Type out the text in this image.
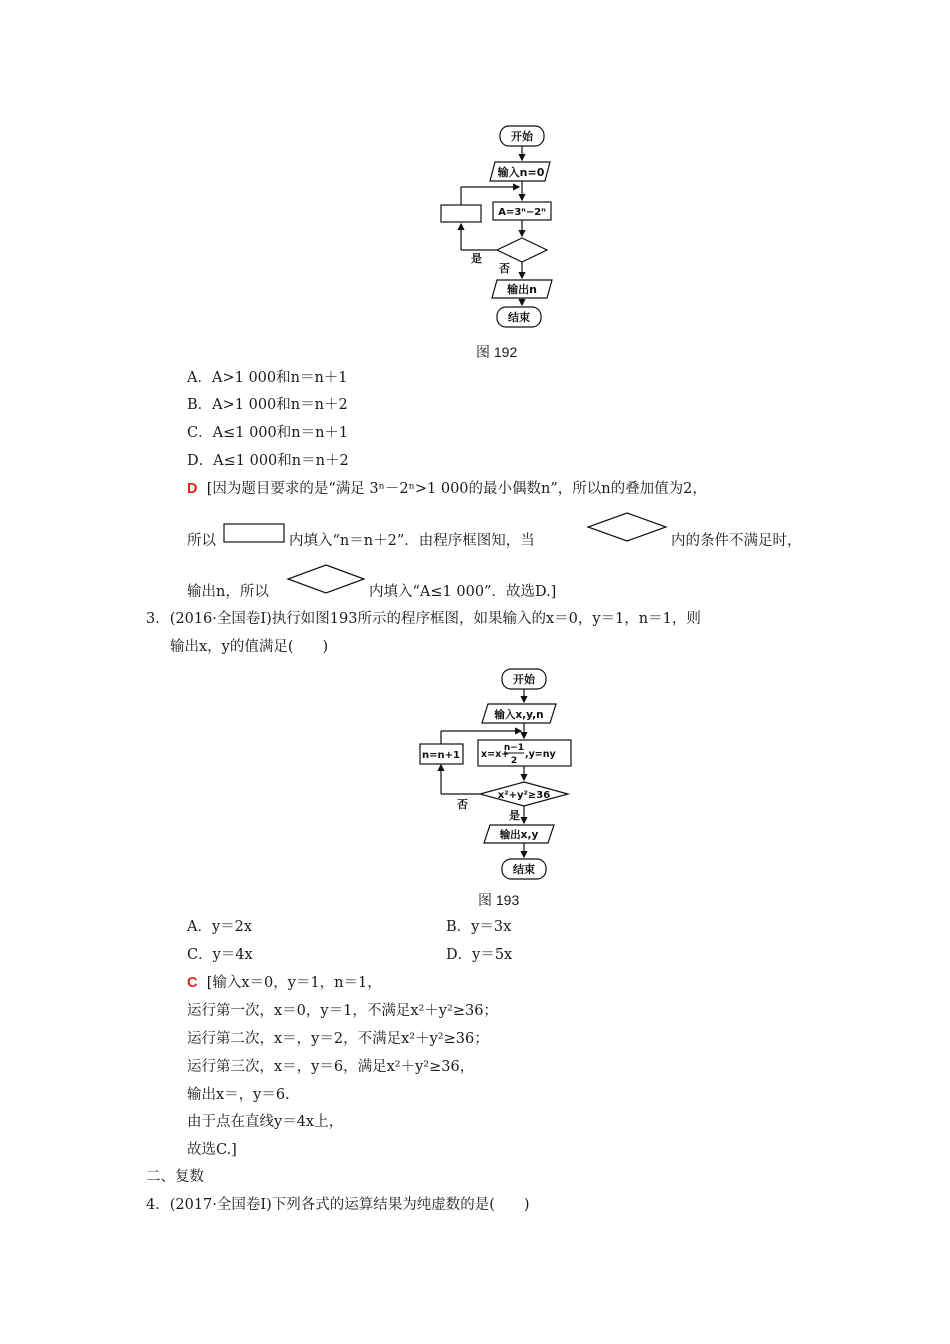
开始
输入n=0
A=3ⁿ−2ⁿ
是
否
输出n
结束
图 192
A．A>1 000和n＝n＋1
B．A>1 000和n＝n＋2
C．A≤1 000和n＝n＋1
D．A≤1 000和n＝n＋2
D [因为题目要求的是“满足 3ⁿ－2ⁿ>1 000的最小偶数n”，所以n的叠加值为2，
所以	内填入“n＝n＋2”．由程序框图知，当	内的条件不满足时，
输出n，所以	内填入“A≤1 000”．故选D.]
3．(2016·全国卷Ⅰ)执行如图193所示的程序框图，如果输入的x＝0，y＝1，n＝1，则
输出x，y的值满足(　　)
开始
输入x,y,n
x=x+
n−1
2
,y=ny
n=n+1
x²+y²≥36
是
否
输出x,y
结束
图 193
A．y＝2x	B．y＝3x
C．y＝4x	D．y＝5x
C [输入x＝0，y＝1，n＝1，
运行第一次，x＝0，y＝1，不满足x²＋y²≥36；
运行第二次，x＝，y＝2，不满足x²＋y²≥36；
运行第三次，x＝，y＝6，满足x²＋y²≥36，
输出x＝，y＝6.
由于点在直线y＝4x上，
故选C.]
二、复数
4．(2017·全国卷Ⅰ)下列各式的运算结果为纯虚数的是(　　)
